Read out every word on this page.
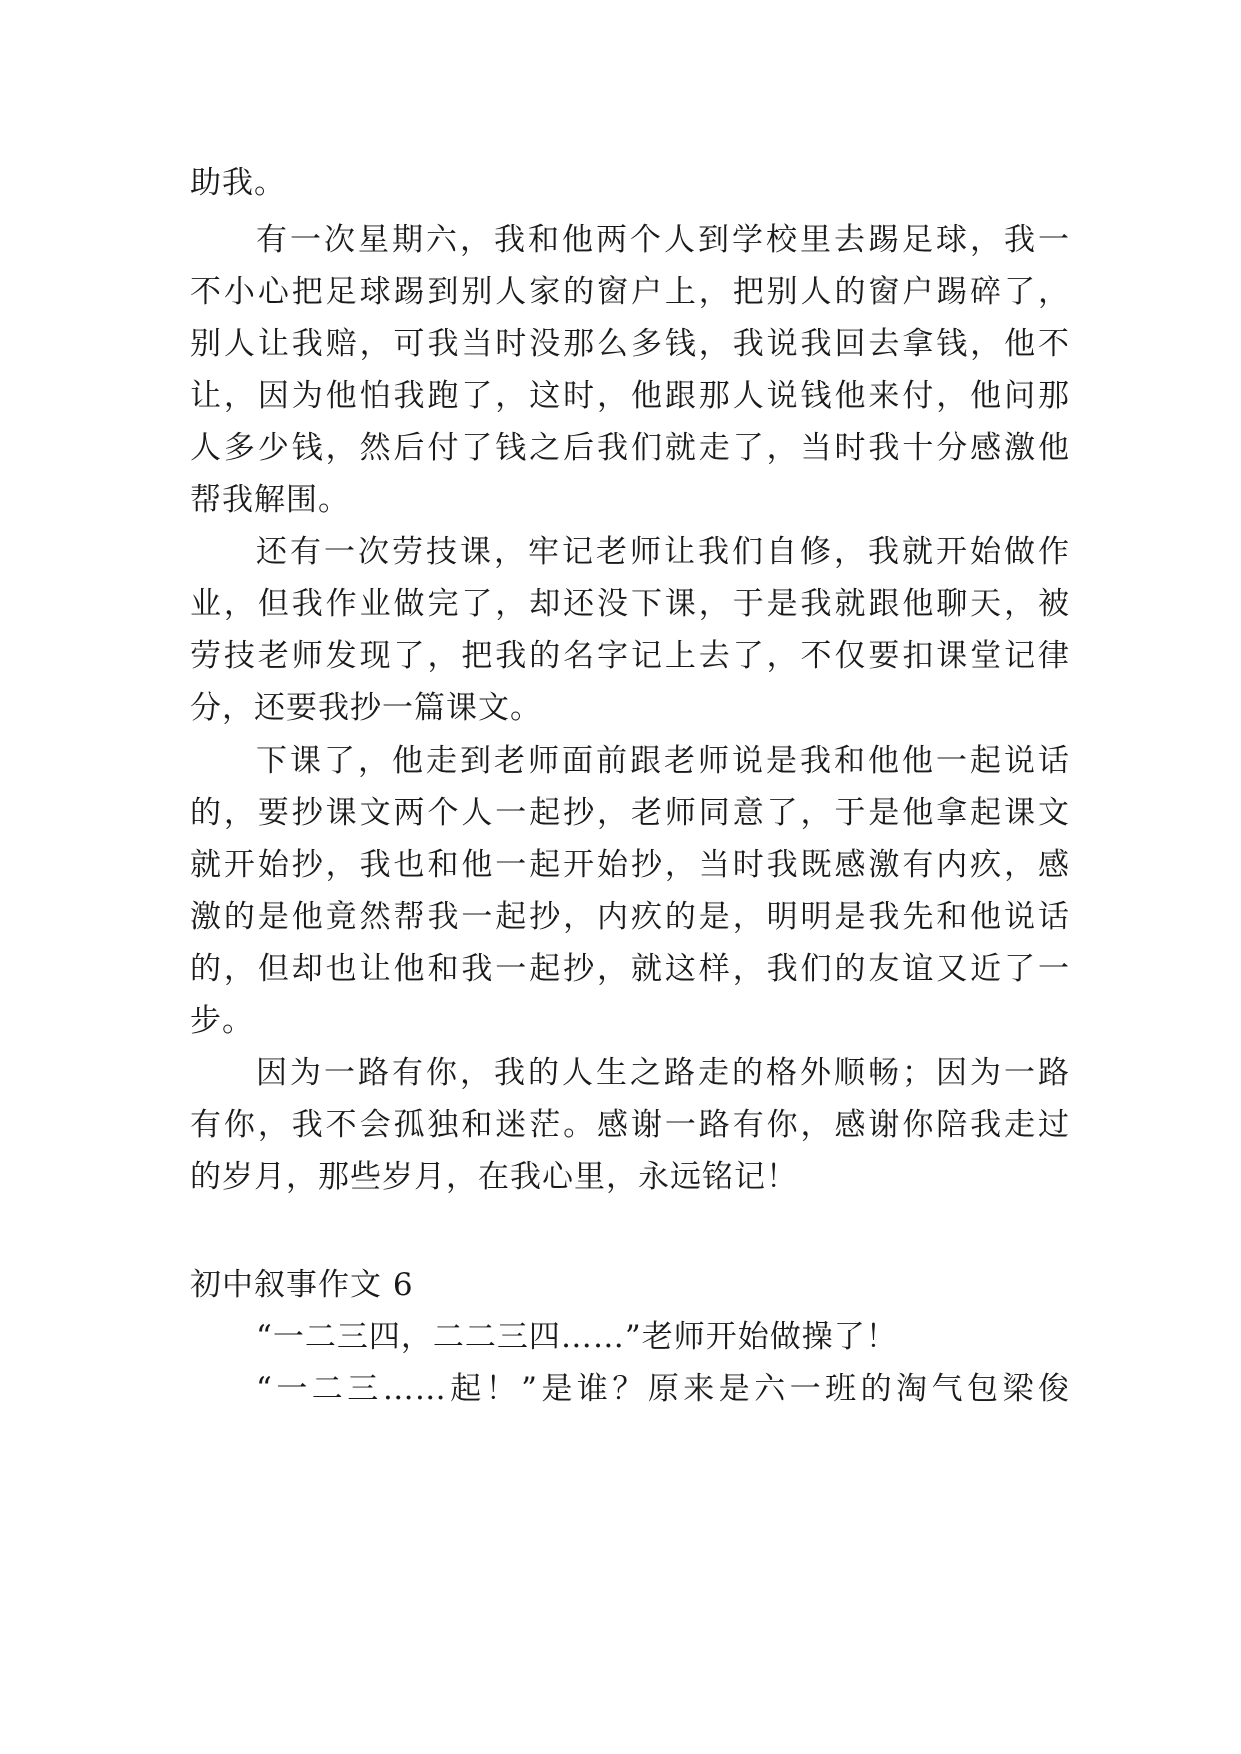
助我。
有一次星期六，我和他两个人到学校里去踢足球，我一
不小心把足球踢到别人家的窗户上，把别人的窗户踢碎了，
别人让我赔，可我当时没那么多钱，我说我回去拿钱，他不
让，因为他怕我跑了，这时，他跟那人说钱他来付，他问那
人多少钱，然后付了钱之后我们就走了，当时我十分感激他
帮我解围。
还有一次劳技课，牢记老师让我们自修，我就开始做作
业，但我作业做完了，却还没下课，于是我就跟他聊天，被
劳技老师发现了，把我的名字记上去了，不仅要扣课堂记律
分，还要我抄一篇课文。
下课了，他走到老师面前跟老师说是我和他他一起说话
的，要抄课文两个人一起抄，老师同意了，于是他拿起课文
就开始抄，我也和他一起开始抄，当时我既感激有内疚，感
激的是他竟然帮我一起抄，内疚的是，明明是我先和他说话
的，但却也让他和我一起抄，就这样，我们的友谊又近了一
步。
因为一路有你，我的人生之路走的格外顺畅；因为一路
有你，我不会孤独和迷茫。感谢一路有你，感谢你陪我走过
的岁月，那些岁月，在我心里，永远铭记！
初中叙事作文 6
“一二三四，二二三四……”老师开始做操了！
“一二三……起！”是谁？原来是六一班的淘气包梁俊
